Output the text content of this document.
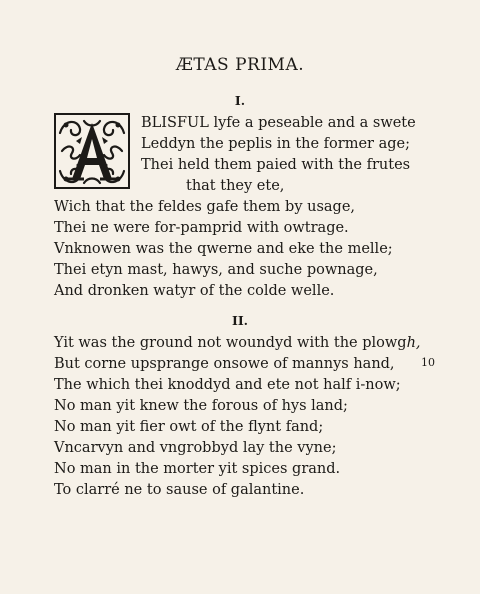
ÆTAS PRIMA.
I.
BLISFUL lyfe a peseable and a swete
Leddyn the peplis in the former age;
Thei held them paied with the frutes
that they ete,
Wich that the feldes gafe them by usage,
Thei ne were for-pamprid with owtrage.
Vnknowen was the qwerne and eke the melle;
Thei etyn mast, hawys, and suche pownage,
And dronken watyr of the colde welle.
II.
Yit was the ground not woundyd with the plowgh,
But corne upsprange onsowe of mannys hand, 10
The which thei knoddyd and ete not half i-now;
No man yit knew the forous of hys land;
No man yit fier owt of the flynt fand;
Vncarvyn and vngrobbyd lay the vyne;
No man in the morter yit spices grand.
To clarré ne to sause of galantine.
